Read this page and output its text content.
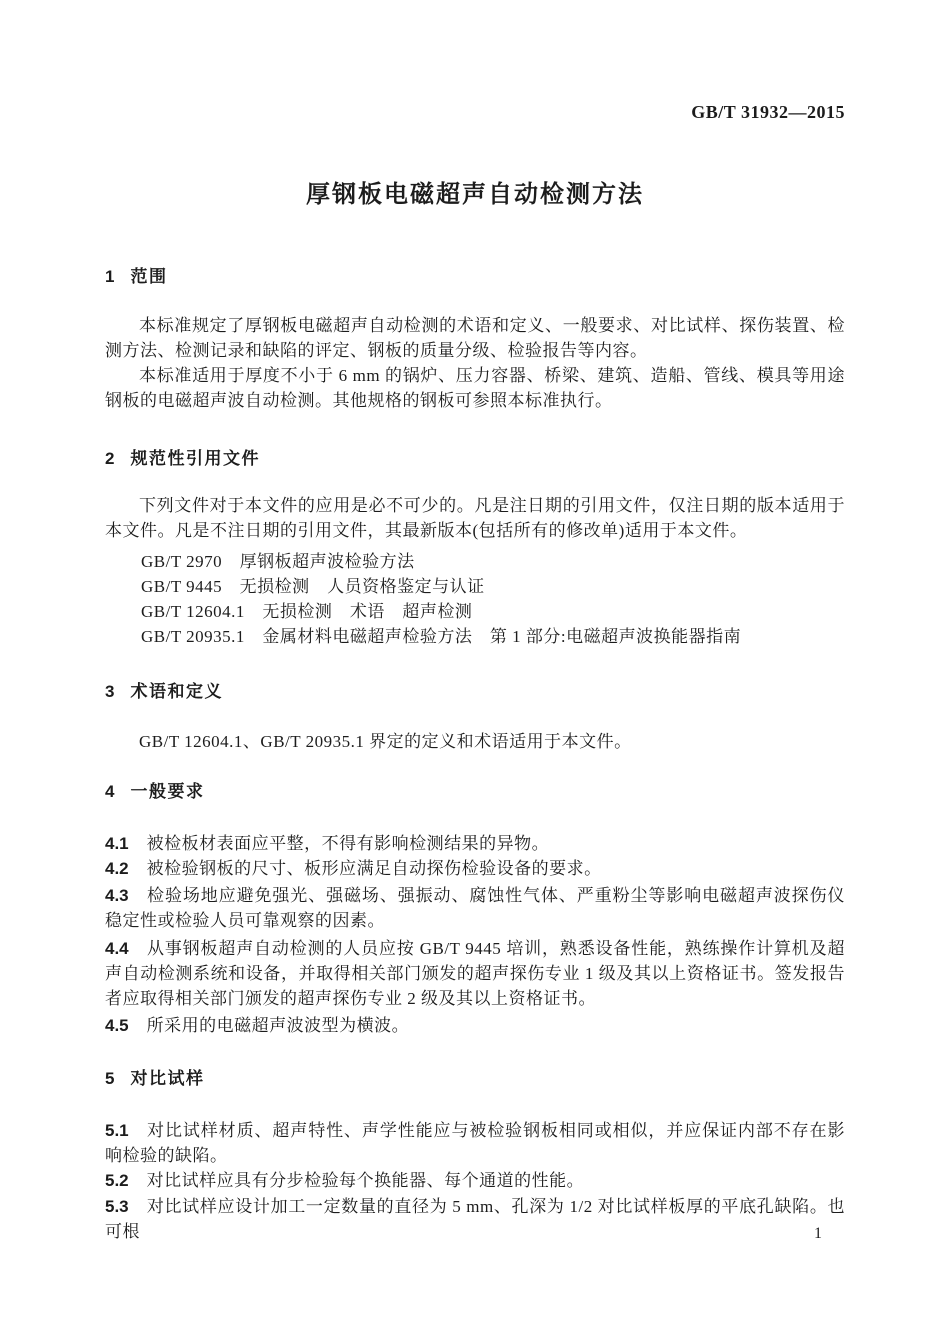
GB/T 31932—2015
厚钢板电磁超声自动检测方法
1 范围

本标准规定了厚钢板电磁超声自动检测的术语和定义、一般要求、对比试样、探伤装置、检测方法、检测记录和缺陷的评定、钢板的质量分级、检验报告等内容。

本标准适用于厚度不小于 6 mm 的锅炉、压力容器、桥梁、建筑、造船、管线、模具等用途钢板的电磁超声波自动检测。其他规格的钢板可参照本标准执行。

2 规范性引用文件

下列文件对于本文件的应用是必不可少的。凡是注日期的引用文件，仅注日期的版本适用于本文件。凡是不注日期的引用文件，其最新版本(包括所有的修改单)适用于本文件。

GB/T 2970　厚钢板超声波检验方法

GB/T 9445　无损检测　人员资格鉴定与认证

GB/T 12604.1　无损检测　术语　超声检测

GB/T 20935.1　金属材料电磁超声检验方法　第 1 部分:电磁超声波换能器指南

3 术语和定义

GB/T 12604.1、GB/T 20935.1 界定的定义和术语适用于本文件。

4 一般要求

4.1 被检板材表面应平整，不得有影响检测结果的异物。

4.2 被检验钢板的尺寸、板形应满足自动探伤检验设备的要求。

4.3 检验场地应避免强光、强磁场、强振动、腐蚀性气体、严重粉尘等影响电磁超声波探伤仪稳定性或检验人员可靠观察的因素。

4.4 从事钢板超声自动检测的人员应按 GB/T 9445 培训，熟悉设备性能，熟练操作计算机及超声自动检测系统和设备，并取得相关部门颁发的超声探伤专业 1 级及其以上资格证书。签发报告者应取得相关部门颁发的超声探伤专业 2 级及其以上资格证书。

4.5 所采用的电磁超声波波型为横波。

5 对比试样

5.1 对比试样材质、超声特性、声学性能应与被检验钢板相同或相似，并应保证内部不存在影响检验的缺陷。

5.2 对比试样应具有分步检验每个换能器、每个通道的性能。

5.3 对比试样应设计加工一定数量的直径为 5 mm、孔深为 1/2 对比试样板厚的平底孔缺陷。也可根	1
